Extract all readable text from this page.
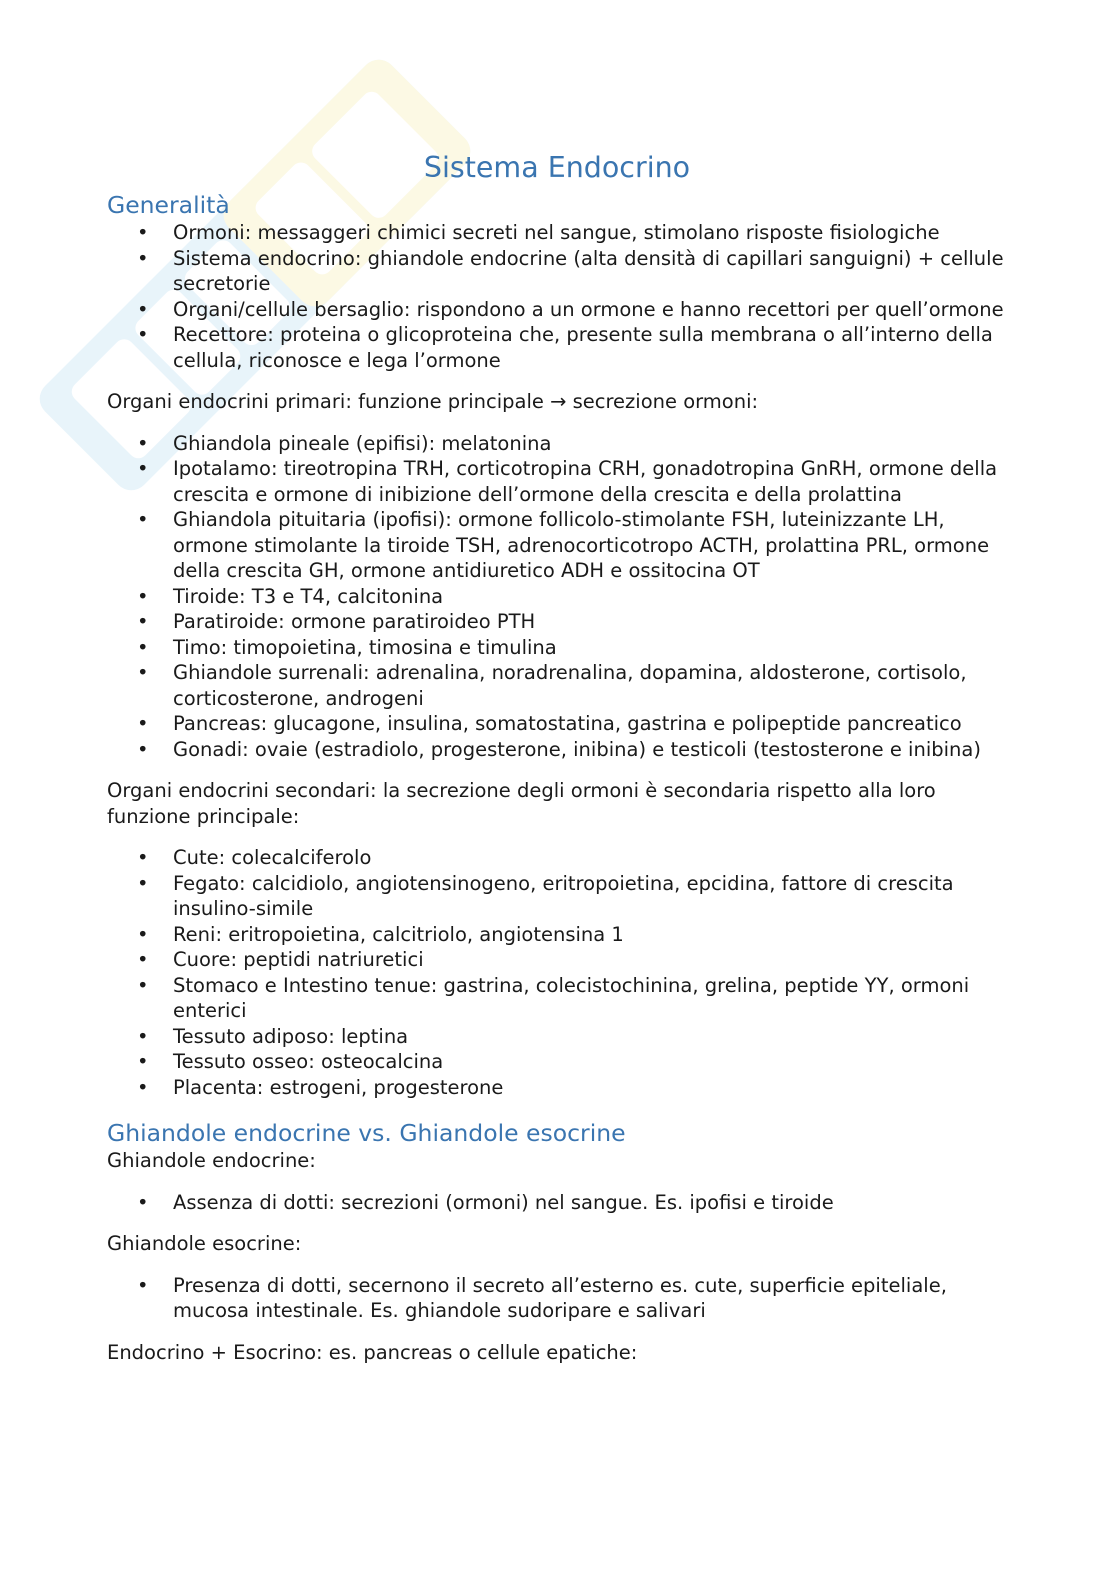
Sistema Endocrino
Generalità
• Ormoni: messaggeri chimici secreti nel sangue, stimolano risposte fisiologiche
• Sistema endocrino: ghiandole endocrine (alta densità di capillari sanguigni) + cellule secretorie
• Organi/cellule bersaglio: rispondono a un ormone e hanno recettori per quell’ormone
• Recettore: proteina o glicoproteina che, presente sulla membrana o all’interno della cellula, riconosce e lega l’ormone

Organi endocrini primari: funzione principale → secrezione ormoni:

• Ghiandola pineale (epifisi): melatonina
• Ipotalamo: tireotropina TRH, corticotropina CRH, gonadotropina GnRH, ormone della crescita e ormone di inibizione dell’ormone della crescita e della prolattina
• Ghiandola pituitaria (ipofisi): ormone follicolo-stimolante FSH, luteinizzante LH, ormone stimolante la tiroide TSH, adrenocorticotropo ACTH, prolattina PRL, ormone della crescita GH, ormone antidiuretico ADH e ossitocina OT
• Tiroide: T3 e T4, calcitonina
• Paratiroide: ormone paratiroideo PTH
• Timo: timopoietina, timosina e timulina
• Ghiandole surrenali: adrenalina, noradrenalina, dopamina, aldosterone, cortisolo, corticosterone, androgeni
• Pancreas: glucagone, insulina, somatostatina, gastrina e polipeptide pancreatico
• Gonadi: ovaie (estradiolo, progesterone, inibina) e testicoli (testosterone e inibina)

Organi endocrini secondari: la secrezione degli ormoni è secondaria rispetto alla loro funzione principale:

• Cute: colecalciferolo
• Fegato: calcidiolo, angiotensinogeno, eritropoietina, epcidina, fattore di crescita insulino-simile
• Reni: eritropoietina, calcitriolo, angiotensina 1
• Cuore: peptidi natriuretici
• Stomaco e Intestino tenue: gastrina, colecistochinina, grelina, peptide YY, ormoni enterici
• Tessuto adiposo: leptina
• Tessuto osseo: osteocalcina
• Placenta: estrogeni, progesterone
Ghiandole endocrine vs. Ghiandole esocrine

Ghiandole endocrine:

• Assenza di dotti: secrezioni (ormoni) nel sangue. Es. ipofisi e tiroide

Ghiandole esocrine:

• Presenza di dotti, secernono il secreto all’esterno es. cute, superficie epiteliale, mucosa intestinale. Es. ghiandole sudoripare e salivari

Endocrino + Esocrino: es. pancreas o cellule epatiche:
